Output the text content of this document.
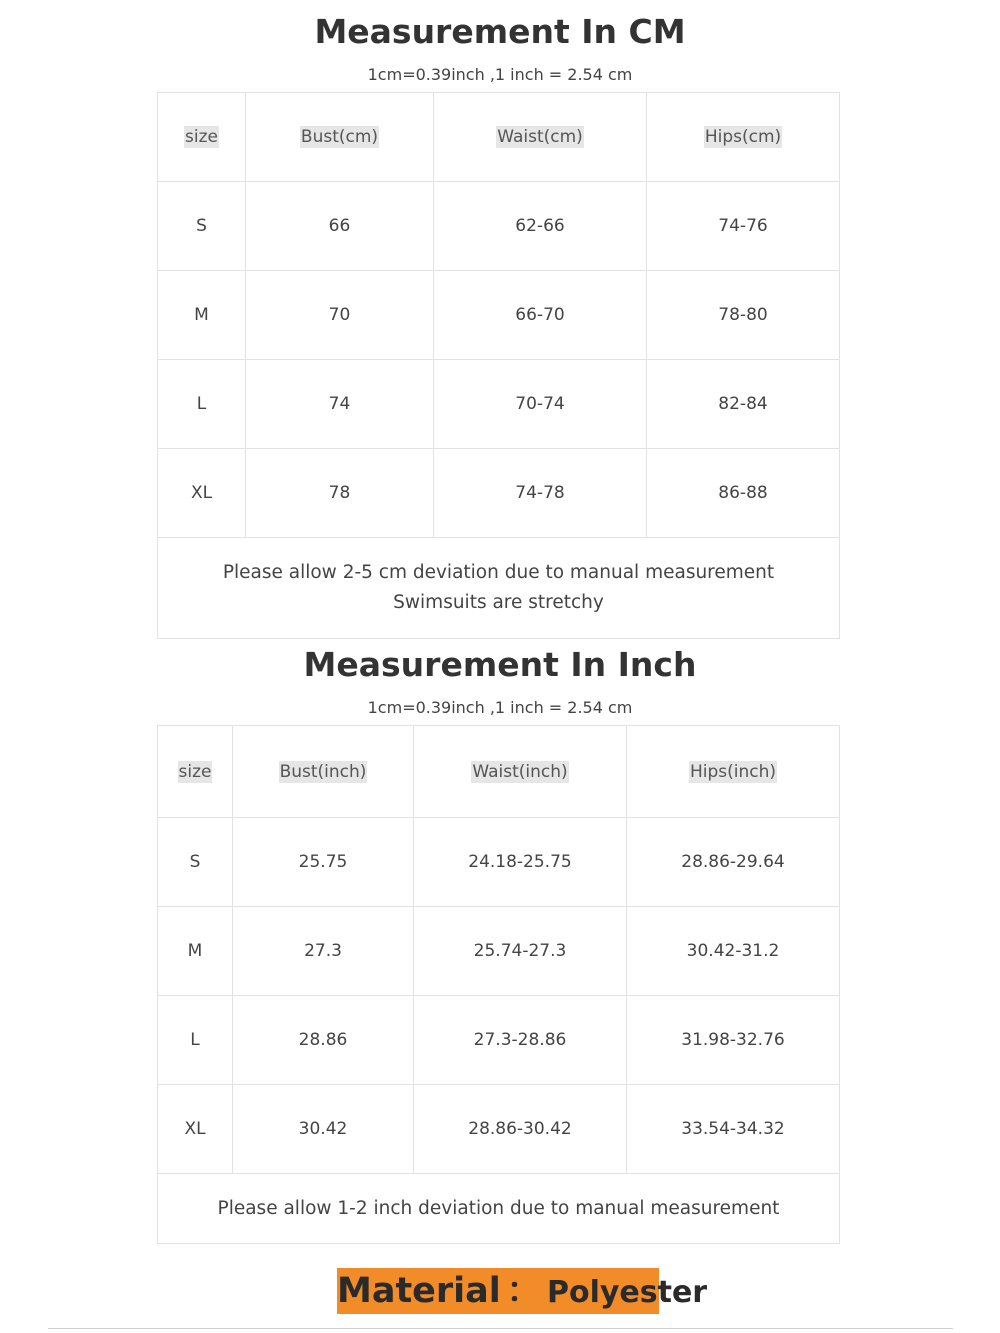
Measurement In CM
1cm=0.39inch ,1 inch = 2.54 cm
size	Bust(cm)	Waist(cm)	Hips(cm)
S	66	62-66	74-76
M	70	66-70	78-80
L	74	70-74	82-84
XL	78	74-78	86-88

Please allow 2-5 cm deviation due to manual measurement
Swimsuits are stretchy			
Measurement In Inch
1cm=0.39inch ,1 inch = 2.54 cm
size	Bust(inch)	Waist(inch)	Hips(inch)
S	25.75	24.18-25.75	28.86-29.64
M	27.3	25.74-27.3	30.42-31.2
L	28.86	27.3-28.86	31.98-32.76
XL	30.42	28.86-30.42	33.54-34.32

Please allow 1-2 inch deviation due to manual measurement			
Material ： Polyester
